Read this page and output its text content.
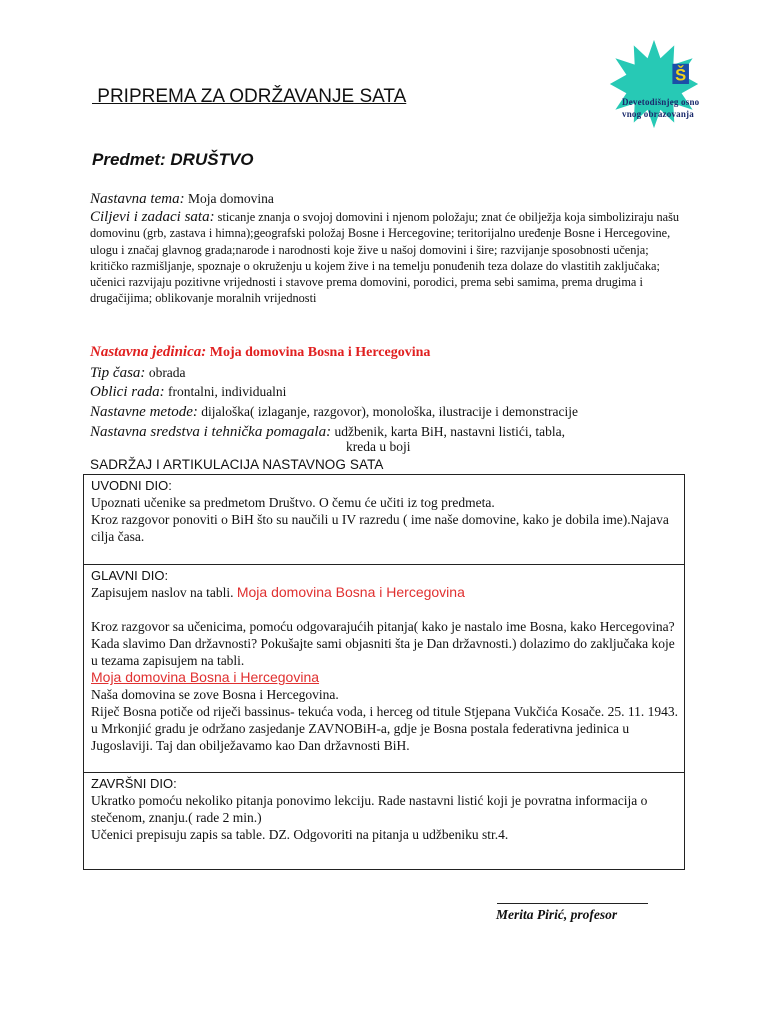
Š
Devetodišnjeg osnovnog obrazovanja
PRIPREMA ZA ODRŽAVANJE SATA
Predmet: DRUŠTVO
Nastavna tema: Moja domovina
Ciljevi i zadaci sata: sticanje znanja o svojoj domovini i njenom položaju; znat će obilježja koja simbolizirаju našu domovinu (grb, zastava i himna);geografski položaj Bosne i Hercegovine; teritorijalno uređenje Bosne i Hercegovine, ulogu i značaj glavnog grada;narode i narodnosti koje žive u našoj domovini i šire; razvijanje sposobnosti učenja; kritičko razmišljanje, spoznaje o okruženju u kojem žive i na temelju ponuđenih teza dolaze do vlastitih zaključaka; učenici razvijaju pozitivne vrijednosti i stavove prema domovini, porodici, prema sebi samima, prema drugima i drugačijima; oblikovanje moralnih vrijednosti
Nastavna jedinica: Moja domovina Bosna i Hercegovina
Tip časa: obrada
Oblici rada: frontalni, individualni
Nastavne metode: dijaloška( izlaganje, razgovor), monološka, ilustracije i demonstracije
Nastavna sredstva i tehnička pomagala: udžbenik, karta BiH, nastavni listići, tabla,
kreda u boji
SADRŽAJ I ARTIKULACIJA NASTAVNOG SATA
UVODNI DIO:
Upoznati učenike sa predmetom Društvo. O čemu će učiti iz tog predmeta.
Kroz razgovor ponoviti o BiH što su naučili u IV razredu ( ime naše domovine, kako je dobila ime).Najava cilja časa.
GLAVNI DIO:
Zapisujem naslov na tabli. Moja domovina Bosna i Hercegovina
Kroz razgovor sa učenicima, pomoću odgovarajućih pitanja( kako je nastalo ime Bosna, kako Hercegovina? Kada slavimo Dan državnosti? Pokušajte sami objasniti šta je Dan državnosti.) dolazimo do zaključaka koje u tezama zapisujem na tabli.
Moja domovina Bosna i Hercegovina
Naša domovina se zove Bosna i Hercegovina.
Riječ Bosna potiče od riječi bassinus- tekuća voda, i herceg od titule Stjepana Vukčića Kosače. 25. 11. 1943. u Mrkonjić gradu je održano zasjedanje ZAVNOBiH-a, gdje je Bosna postala federativna jedinica u Jugoslaviji. Taj dan obilježavamo kao Dan državnosti BiH.
ZAVRŠNI DIO:
Ukratko pomoću nekoliko pitanja ponovimo lekciju. Rade nastavni listić koji je povratna informacija o stečenom, znanju.( rade 2 min.)
Učenici prepisuju zapis sa table. DZ. Odgovoriti na pitanja u udžbeniku str.4.
Merita Pirić, profesor
